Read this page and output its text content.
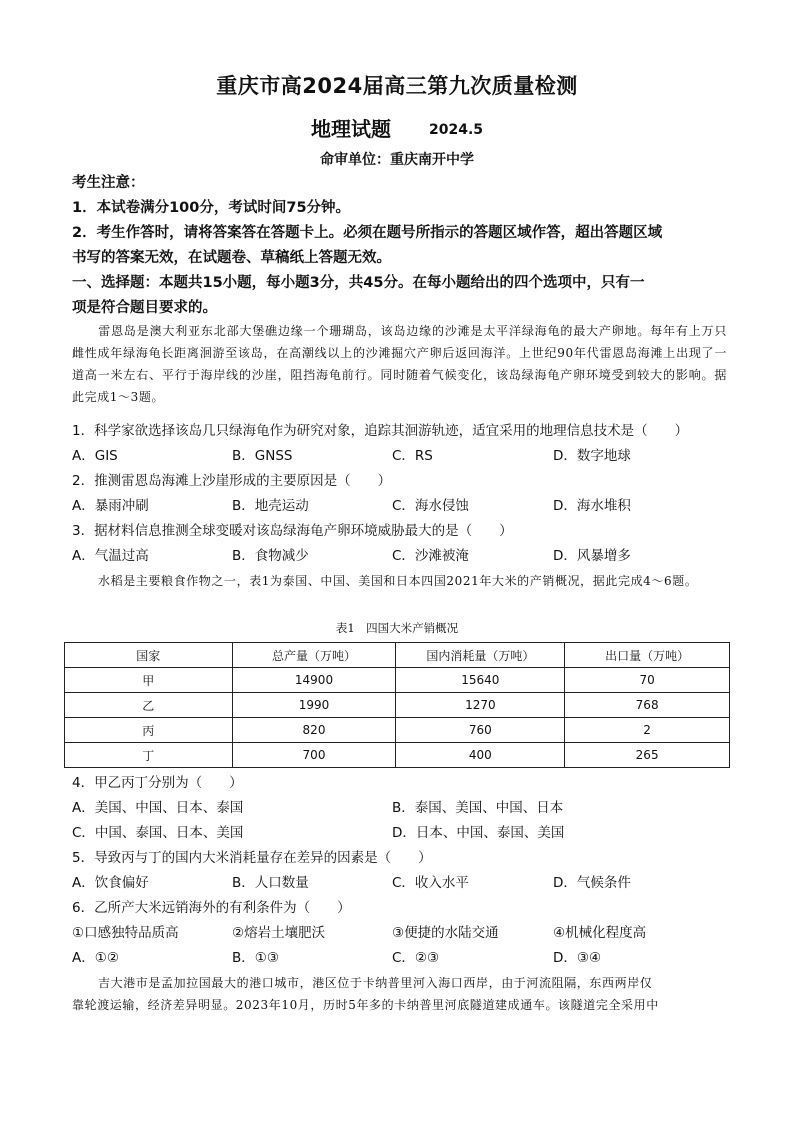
重庆市高2024届高三第九次质量检测
地理试题	2024.5
命审单位：重庆南开中学
考生注意：
1．本试卷满分100分，考试时间75分钟。
2．考生作答时，请将答案答在答题卡上。必须在题号所指示的答题区域作答，超出答题区域
书写的答案无效，在试题卷、草稿纸上答题无效。
一、选择题：本题共15小题，每小题3分，共45分。在每小题给出的四个选项中，只有一
项是符合题目要求的。
雷恩岛是澳大利亚东北部大堡礁边缘一个珊瑚岛，该岛边缘的沙滩是太平洋绿海龟的最大产卵地。每年有上万只雌性成年绿海龟长距离洄游至该岛，在高潮线以上的沙滩掘穴产卵后返回海洋。上世纪90年代雷恩岛海滩上出现了一道高一米左右、平行于海岸线的沙崖，阻挡海龟前行。同时随着气候变化，该岛绿海龟产卵环境受到较大的影响。据此完成1～3题。
1．科学家欲选择该岛几只绿海龟作为研究对象，追踪其洄游轨迹，适宜采用的地理信息技术是（　　）
A．GIS	B．GNSS	C．RS	D．数字地球
2．推测雷恩岛海滩上沙崖形成的主要原因是（　　）
A．暴雨冲刷	B．地壳运动	C．海水侵蚀	D．海水堆积
3．据材料信息推测全球变暖对该岛绿海龟产卵环境威胁最大的是（　　）
A．气温过高	B．食物减少	C．沙滩被淹	D．风暴增多
水稻是主要粮食作物之一，表1为泰国、中国、美国和日本四国2021年大米的产销概况，据此完成4～6题。
表1　四国大米产销概况
国家	总产量（万吨）	国内消耗量（万吨）	出口量（万吨）
甲	14900	15640	70
乙	1990	1270	768
丙	820	760	2
丁	700	400	265
4．甲乙丙丁分别为（　　）
A．美国、中国、日本、泰国	B．泰国、美国、中国、日本
C．中国、泰国、日本、美国	D．日本、中国、泰国、美国
5．导致丙与丁的国内大米消耗量存在差异的因素是（　　）
A．饮食偏好	B．人口数量	C．收入水平	D．气候条件
6．乙所产大米远销海外的有利条件为（　　）
①口感独特品质高	②熔岩土壤肥沃	③便捷的水陆交通	④机械化程度高
A．①②	B．①③	C．②③	D．③④
吉大港市是孟加拉国最大的港口城市，港区位于卡纳普里河入海口西岸，由于河流阻隔，东西两岸仅
靠轮渡运输，经济差异明显。2023年10月，历时5年多的卡纳普里河底隧道建成通车。该隧道完全采用中
